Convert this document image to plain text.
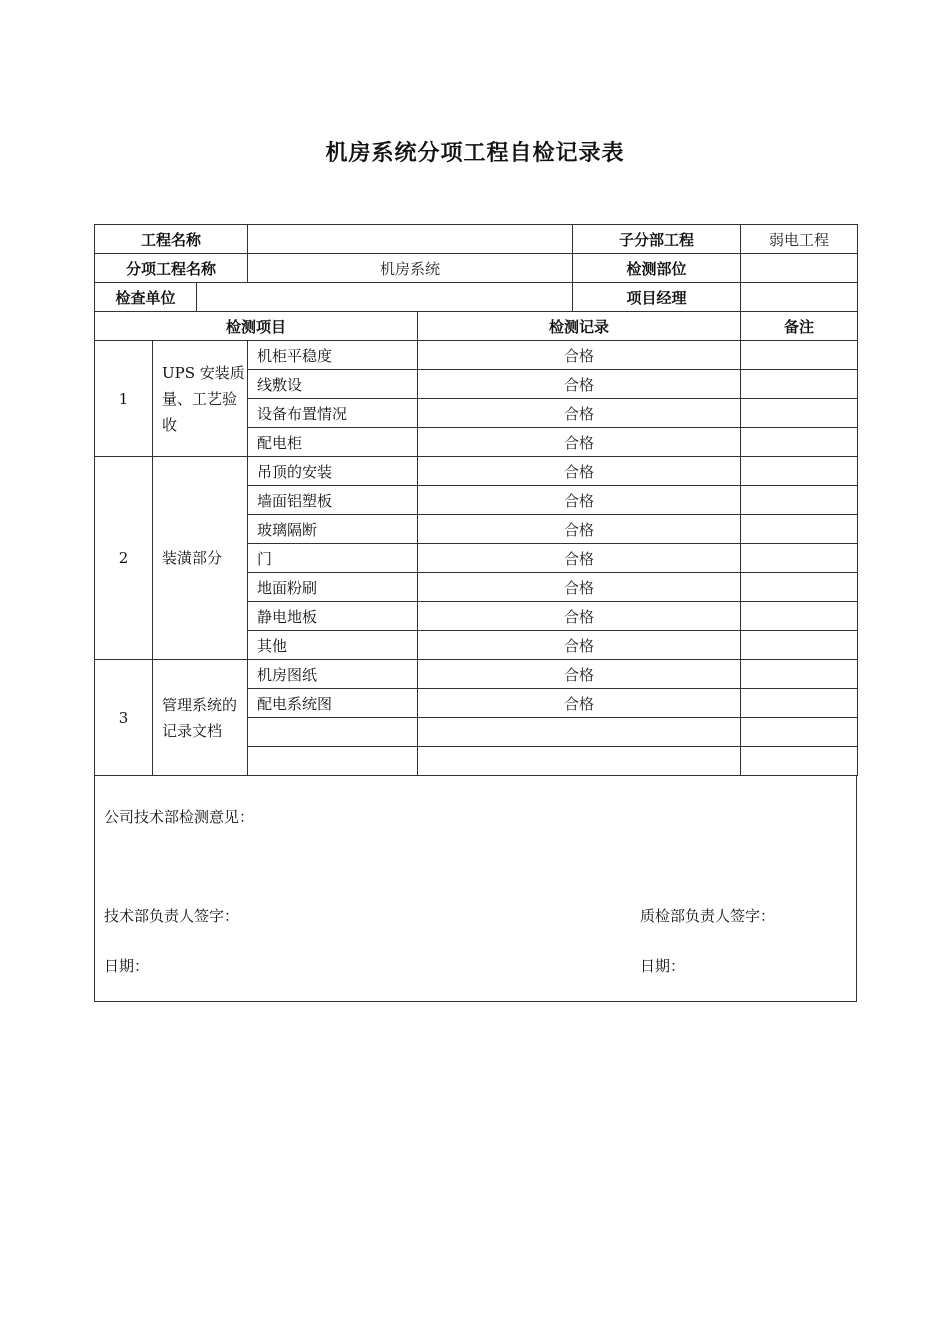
机房系统分项工程自检记录表
工程名称					子分部工程	弱电工程
分项工程名称			机房系统		检测部位	
检查单位					项目经理	
检测项目				检测记录		备注
1	UPS 安装质量、工艺验收		机柜平稳度	合格		
			线敷设	合格		
			设备布置情况	合格		
			配电柜	合格		
2	装潢部分		吊顶的安装	合格		
			墙面铝塑板	合格		
			玻璃隔断	合格		
			门	合格		
			地面粉刷	合格		
			静电地板	合格		
			其他	合格		
3	管理系统的记录文档		机房图纸	合格		
			配电系统图	合格		

公司技术部检测意见：
技术部负责人签字：	质检部负责人签字：
日期：	日期：
